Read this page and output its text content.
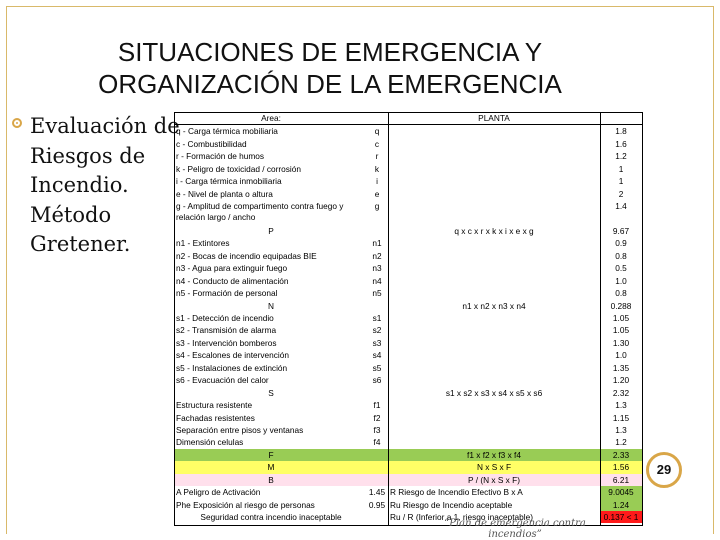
SITUACIONES DE EMERGENCIA Y
ORGANIZACIÓN DE LA EMERGENCIA
Evaluación de
Riesgos de
Incendio.
Método
Gretener.
Area:	PLANTA
q - Carga térmica mobiliaria	q	1.8
c - Combustibilidad	c	1.6
r - Formación de humos	r	1.2
k - Peligro de toxicidad / corrosión	k	1
i - Carga térmica inmobiliaria	i	1
e - Nivel de planta o altura	e	2
g - Amplitud de compartimento contra fuego y relación largo / ancho
g	1.4
P	q x c x r x k x i x e x g	9.67
n1 - Extintores	n1	0.9
n2 - Bocas de incendio equipadas BIE	n2	0.8
n3 - Agua para extinguir fuego	n3	0.5
n4 - Conducto de alimentación	n4	1.0
n5 - Formación de personal	n5	0.8
N	n1 x n2 x n3 x n4	0.288
s1 - Detección de incendio	s1	1.05
s2 - Transmisión de alarma	s2	1.05
s3 - Intervención bomberos	s3	1.30
s4 - Escalones de intervención	s4	1.0
s5 - Instalaciones de extinción	s5	1.35
s6 - Evacuación del calor	s6	1.20
S	s1 x s2 x s3 x s4 x s5 x s6	2.32
Estructura resistente	f1	1.3
Fachadas resistentes	f2	1.15
Separación entre pisos y ventanas	f3	1.3
Dimensión celulas	f4	1.2
F	f1 x f2 x f3 x f4	2.33
M	N x S x F	1.56
B	P / (N x S x F)	6.21
A Peligro de Activación	1.45 R Riesgo de Incendio Efectivo B x A	9.0045
Phe Exposición al riesgo de personas	0.95 Ru Riesgo de Incendio aceptable	1.24
Seguridad contra incendio inaceptable	Ru / R (Inferior a 1, riesgo inaceptable)	0.137 < 1
“Plan de emergencia contra incendios”
29
